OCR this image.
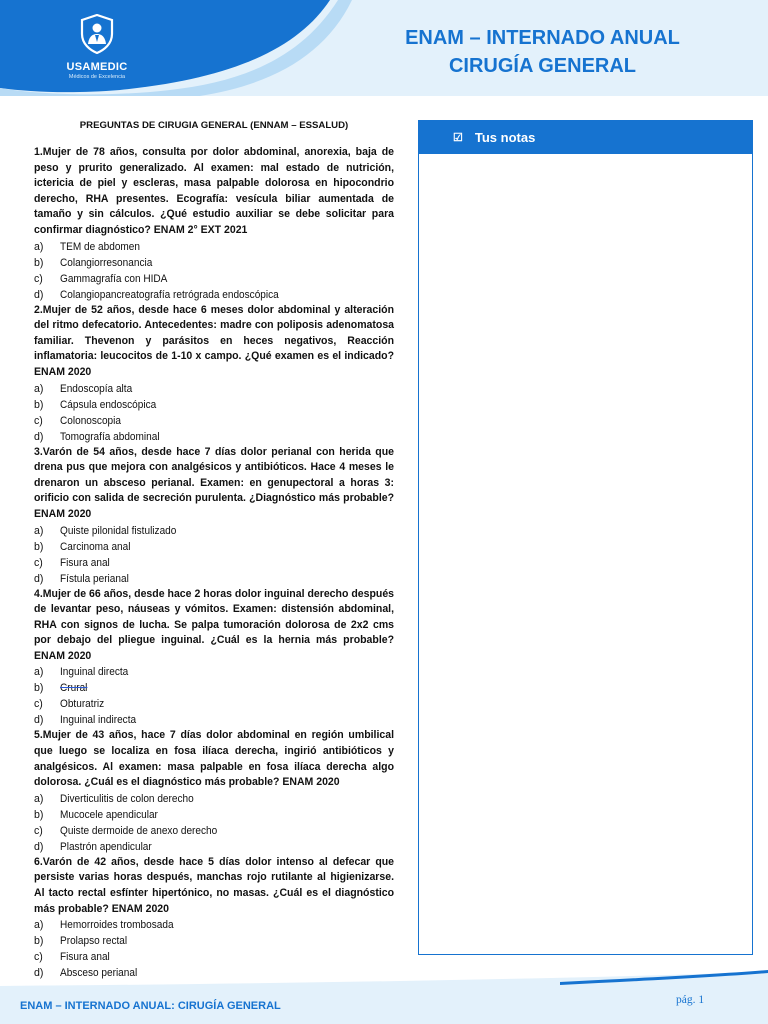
USAMEDIC
Médicos de Excelencia
ENAM – INTERNADO ANUAL
CIRUGÍA GENERAL
PREGUNTAS DE CIRUGIA GENERAL (ENNAM – ESSALUD)

1.Mujer de 78 años, consulta por dolor abdominal, anorexia, baja de peso y prurito generalizado. Al examen: mal estado de nutrición, ictericia de piel y escleras, masa palpable dolorosa en hipocondrio derecho, RHA presentes. Ecografía: vesícula biliar aumentada de tamaño y sin cálculos. ¿Qué estudio auxiliar se debe solicitar para confirmar diagnóstico? ENAM 2° EXT 2021

a)	TEM de abdomen
b)	Colangiorresonancia
c)	Gammagrafía con HIDA
d)	Colangiopancreatografía retrógrada endoscópica

2.Mujer de 52 años, desde hace 6 meses dolor abdominal y alteración del ritmo defecatorio. Antecedentes: madre con poliposis adenomatosa familiar. Thevenon y parásitos en heces negativos, Reacción inflamatoria: leucocitos de 1-10 x campo. ¿Qué examen es el indicado? ENAM 2020

a)	Endoscopía alta
b)	Cápsula endoscópica
c)	Colonoscopia
d)	Tomografía abdominal

3.Varón de 54 años, desde hace 7 días dolor perianal con herida que drena pus que mejora con analgésicos y antibióticos. Hace 4 meses le drenaron un absceso perianal. Examen: en genupectoral a horas 3: orificio con salida de secreción purulenta. ¿Diagnóstico más probable? ENAM 2020

a)	Quiste pilonidal fistulizado
b)	Carcinoma anal
c)	Fisura anal
d)	Fístula perianal

4.Mujer de 66 años, desde hace 2 horas dolor inguinal derecho después de levantar peso, náuseas y vómitos. Examen: distensión abdominal, RHA con signos de lucha. Se palpa tumoración dolorosa de 2x2 cms por debajo del pliegue inguinal. ¿Cuál es la hernia más probable? ENAM 2020

a)	Inguinal directa
b)	Crural
c)	Obturatriz
d)	Inguinal indirecta

5.Mujer de 43 años, hace 7 días dolor abdominal en región umbilical que luego se localiza en fosa ilíaca derecha, ingirió antibióticos y analgésicos. Al examen: masa palpable en fosa ilíaca derecha algo dolorosa. ¿Cuál es el diagnóstico más probable? ENAM 2020

a)	Diverticulitis de colon derecho
b)	Mucocele apendicular
c)	Quiste dermoide de anexo derecho
d)	Plastrón apendicular

6.Varón de 42 años, desde hace 5 días dolor intenso al defecar que persiste varias horas después, manchas rojo rutilante al higienizarse. Al tacto rectal esfínter hipertónico, no masas. ¿Cuál es el diagnóstico más probable? ENAM 2020

a)	Hemorroides trombosada
b)	Prolapso rectal
c)	Fisura anal
d)	Absceso perianal
☑ Tus notas
ENAM – INTERNADO ANUAL: CIRUGÍA GENERAL	pág. 1
